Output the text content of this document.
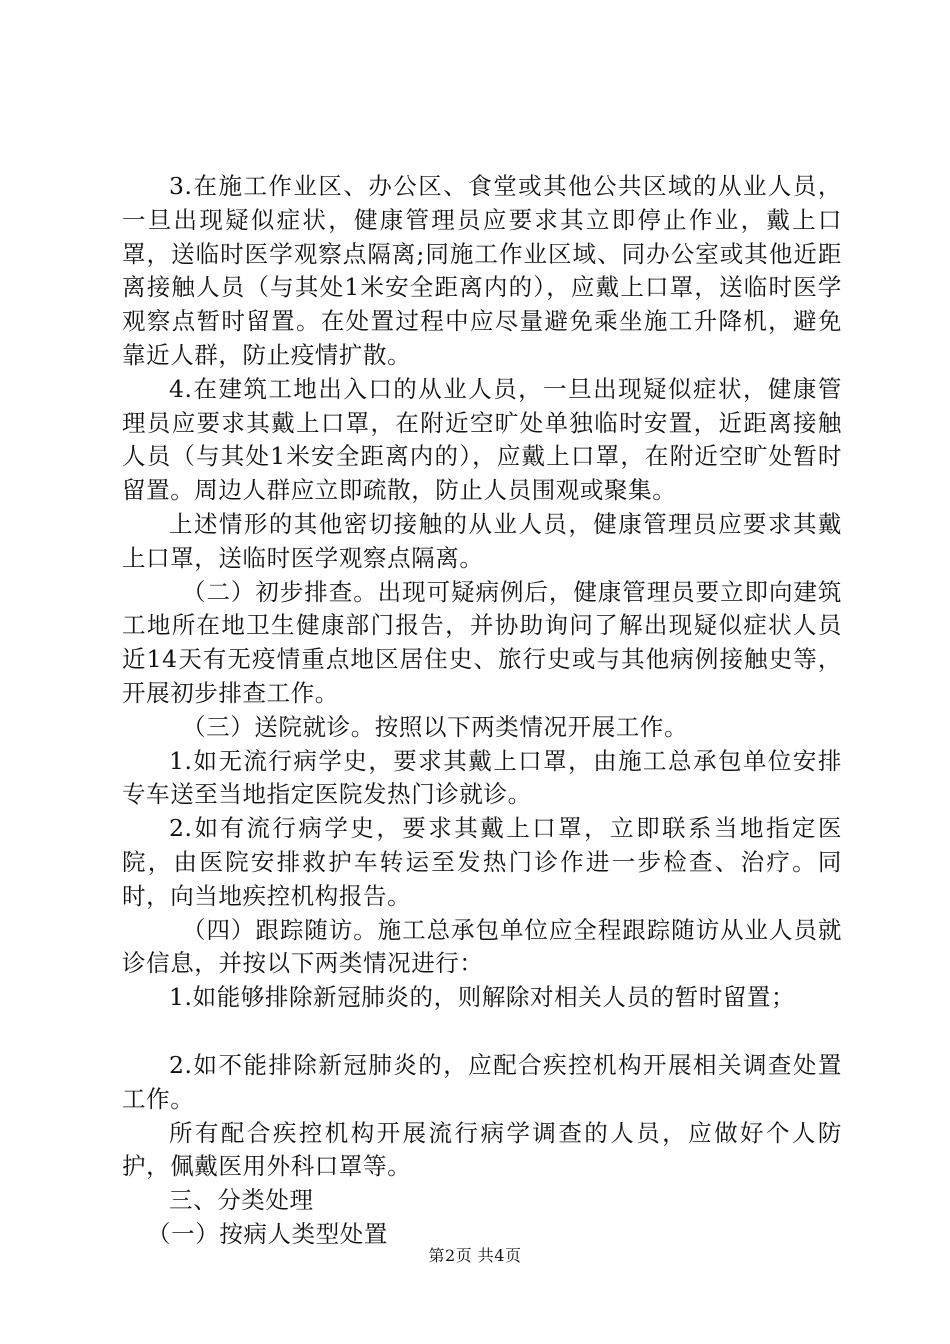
3.在施工作业区、办公区、食堂或其他公共区域的从业人员，一旦出现疑似症状，健康管理员应要求其立即停止作业，戴上口罩，送临时医学观察点隔离;同施工作业区域、同办公室或其他近距离接触人员（与其处1米安全距离内的），应戴上口罩，送临时医学观察点暂时留置。在处置过程中应尽量避免乘坐施工升降机，避免靠近人群，防止疫情扩散。

4.在建筑工地出入口的从业人员，一旦出现疑似症状，健康管理员应要求其戴上口罩，在附近空旷处单独临时安置，近距离接触人员（与其处1米安全距离内的），应戴上口罩，在附近空旷处暂时留置。周边人群应立即疏散，防止人员围观或聚集。

上述情形的其他密切接触的从业人员，健康管理员应要求其戴上口罩，送临时医学观察点隔离。

（二）初步排查。出现可疑病例后，健康管理员要立即向建筑工地所在地卫生健康部门报告，并协助询问了解出现疑似症状人员近14天有无疫情重点地区居住史、旅行史或与其他病例接触史等，开展初步排查工作。

（三）送院就诊。按照以下两类情况开展工作。

1.如无流行病学史，要求其戴上口罩，由施工总承包单位安排专车送至当地指定医院发热门诊就诊。

2.如有流行病学史，要求其戴上口罩，立即联系当地指定医院，由医院安排救护车转运至发热门诊作进一步检查、治疗。同时，向当地疾控机构报告。

（四）跟踪随访。施工总承包单位应全程跟踪随访从业人员就诊信息，并按以下两类情况进行：

1.如能够排除新冠肺炎的，则解除对相关人员的暂时留置；

2.如不能排除新冠肺炎的，应配合疾控机构开展相关调查处置工作。

所有配合疾控机构开展流行病学调查的人员，应做好个人防护，佩戴医用外科口罩等。

三、分类处理

（一）按病人类型处置

第2页 共4页
